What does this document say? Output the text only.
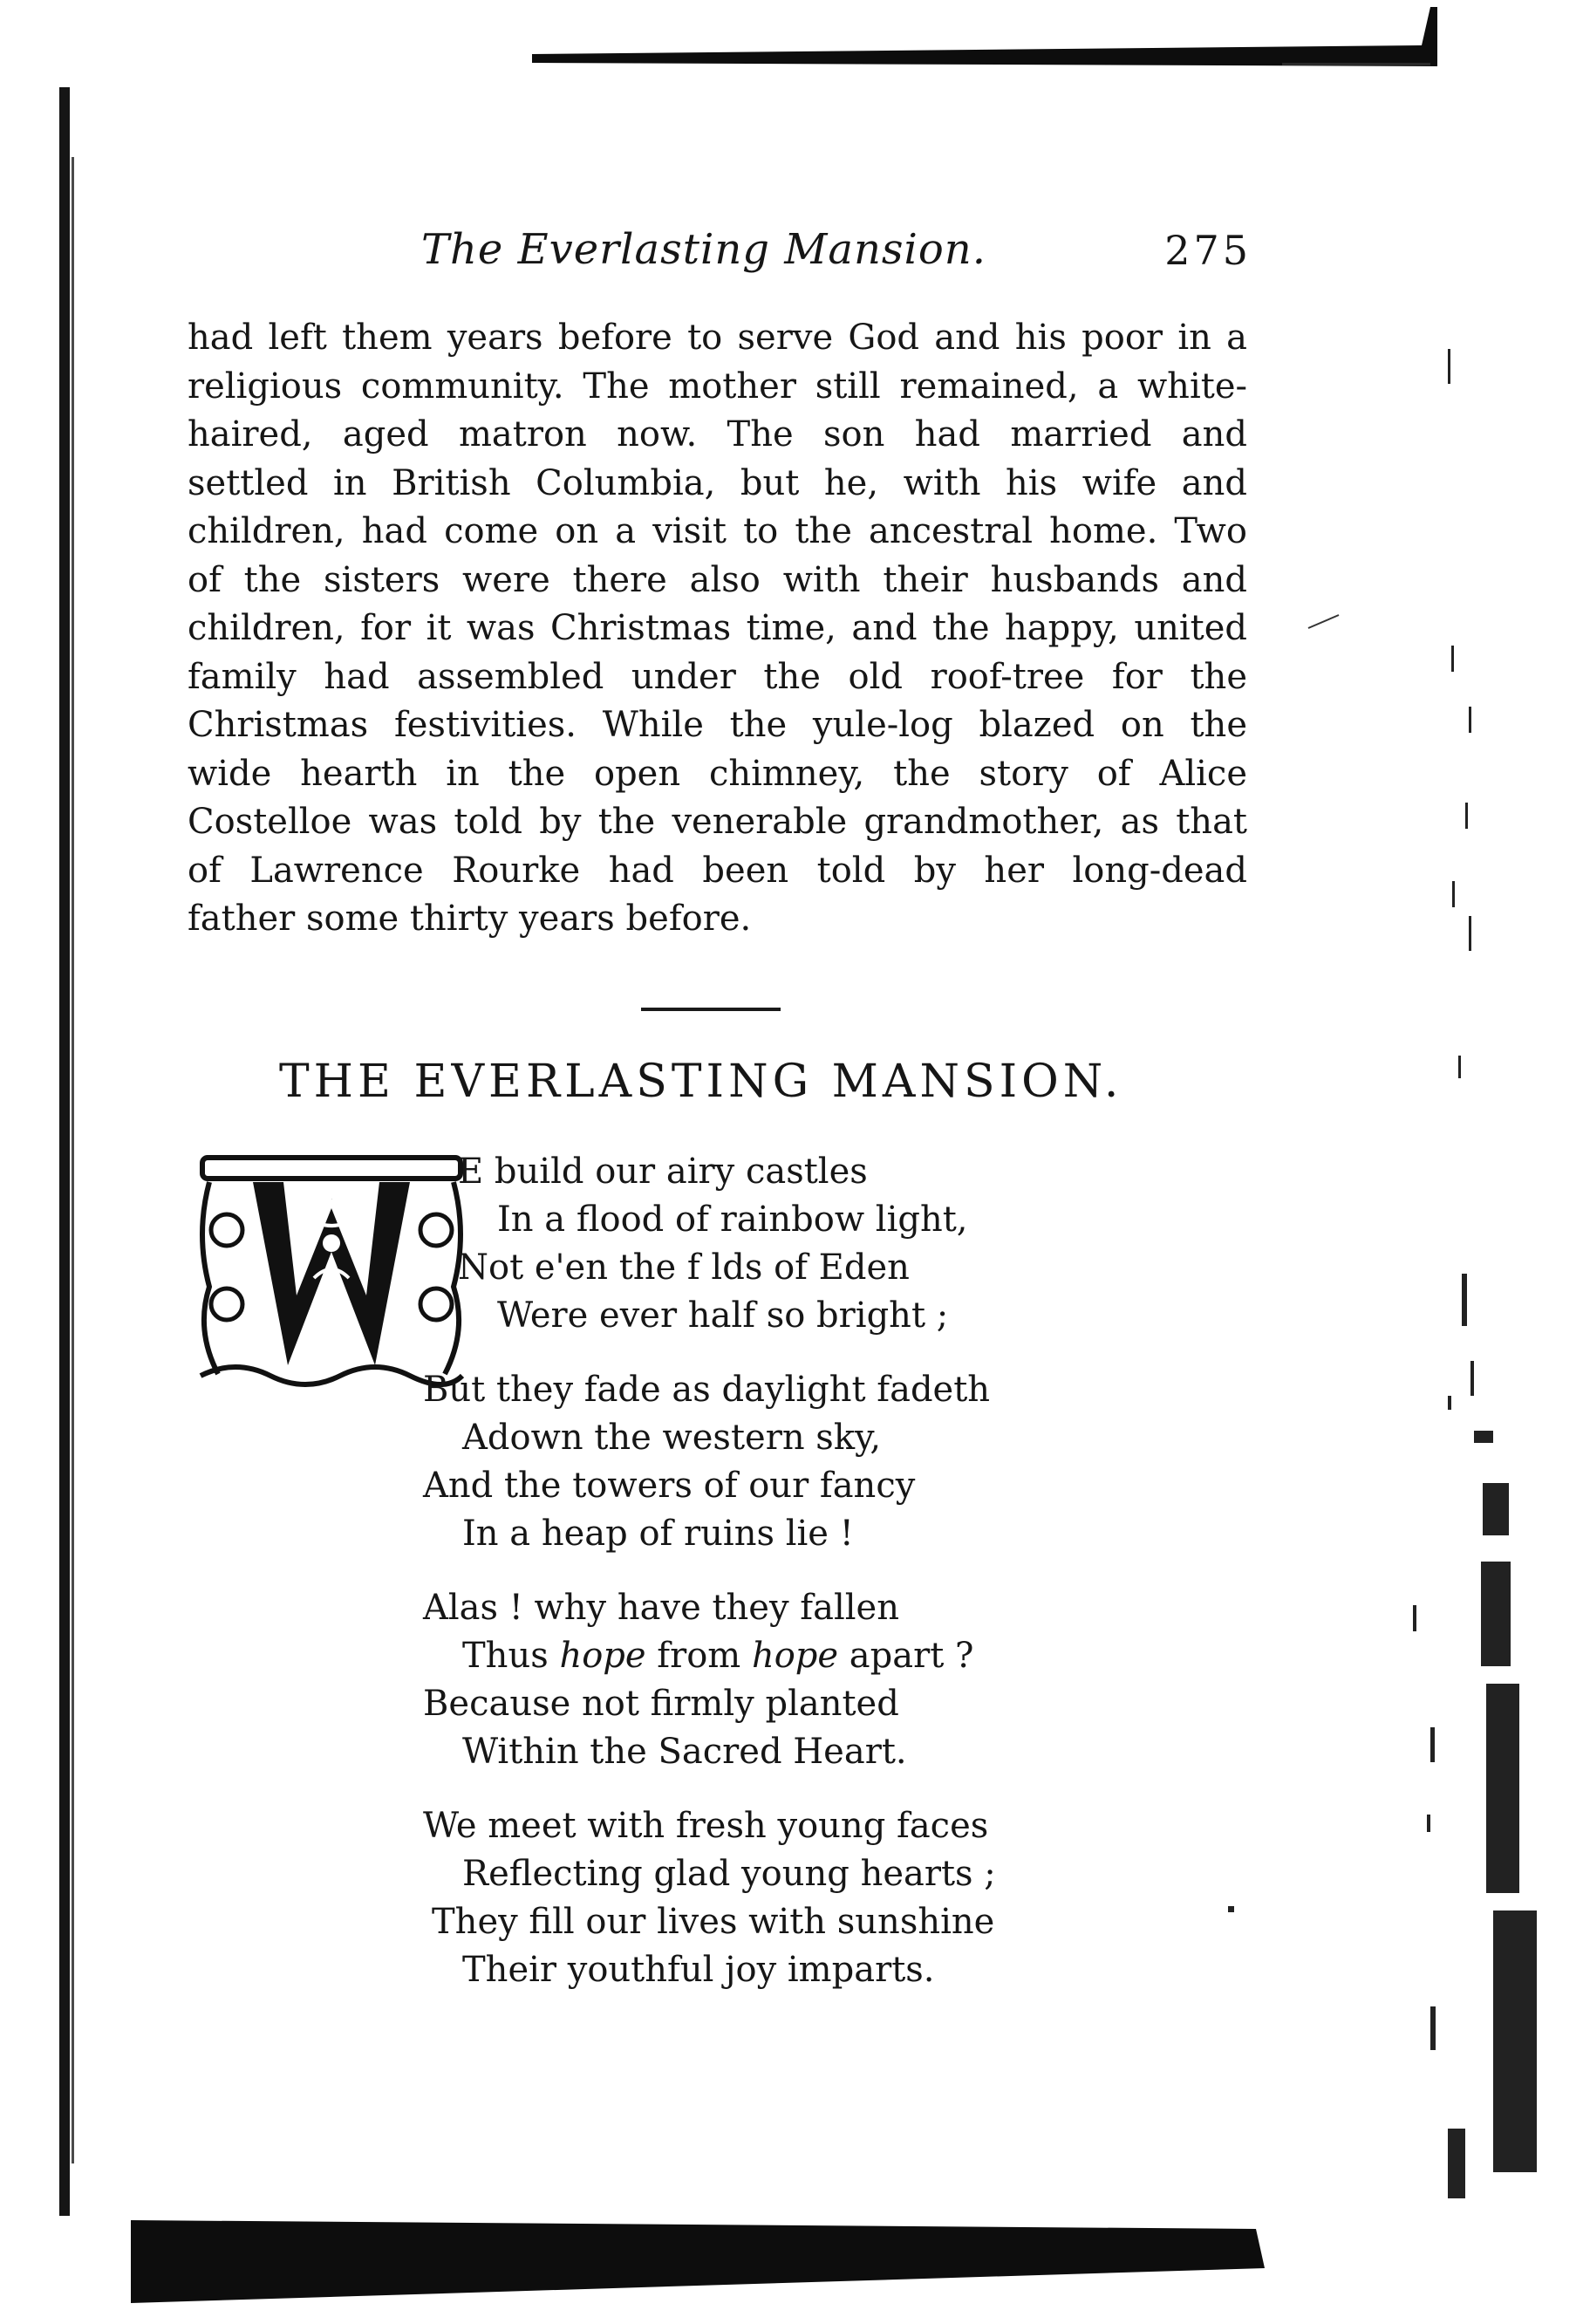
The Everlasting Mansion.	275
had left them years before to serve God and his poor in a
religious community. The mother still remained, a white-
haired, aged matron now. The son had married and
settled in British Columbia, but he, with his wife and
children, had come on a visit to the ancestral home. Two
of the sisters were there also with their husbands and
children, for it was Christmas time, and the happy, united
family had assembled under the old roof-tree for the
Christmas festivities. While the yule-log blazed on the
wide hearth in the open chimney, the story of Alice
Costelloe was told by the venerable grandmother, as that
of Lawrence Rourke had been told by her long-dead
father some thirty years before.
THE EVERLASTING MANSION.
W
E build our airy castles
In a flood of rainbow light,
Not e'en the f lds of Eden
Were ever half so bright ;
But they fade as daylight fadeth
Adown the western sky,
And the towers of our fancy
In a heap of ruins lie !
Alas ! why have they fallen
Thus hope from hope apart ?
Because not firmly planted
Within the Sacred Heart.
We meet with fresh young faces
Reflecting glad young hearts ;
They fill our lives with sunshine
Their youthful joy imparts.
